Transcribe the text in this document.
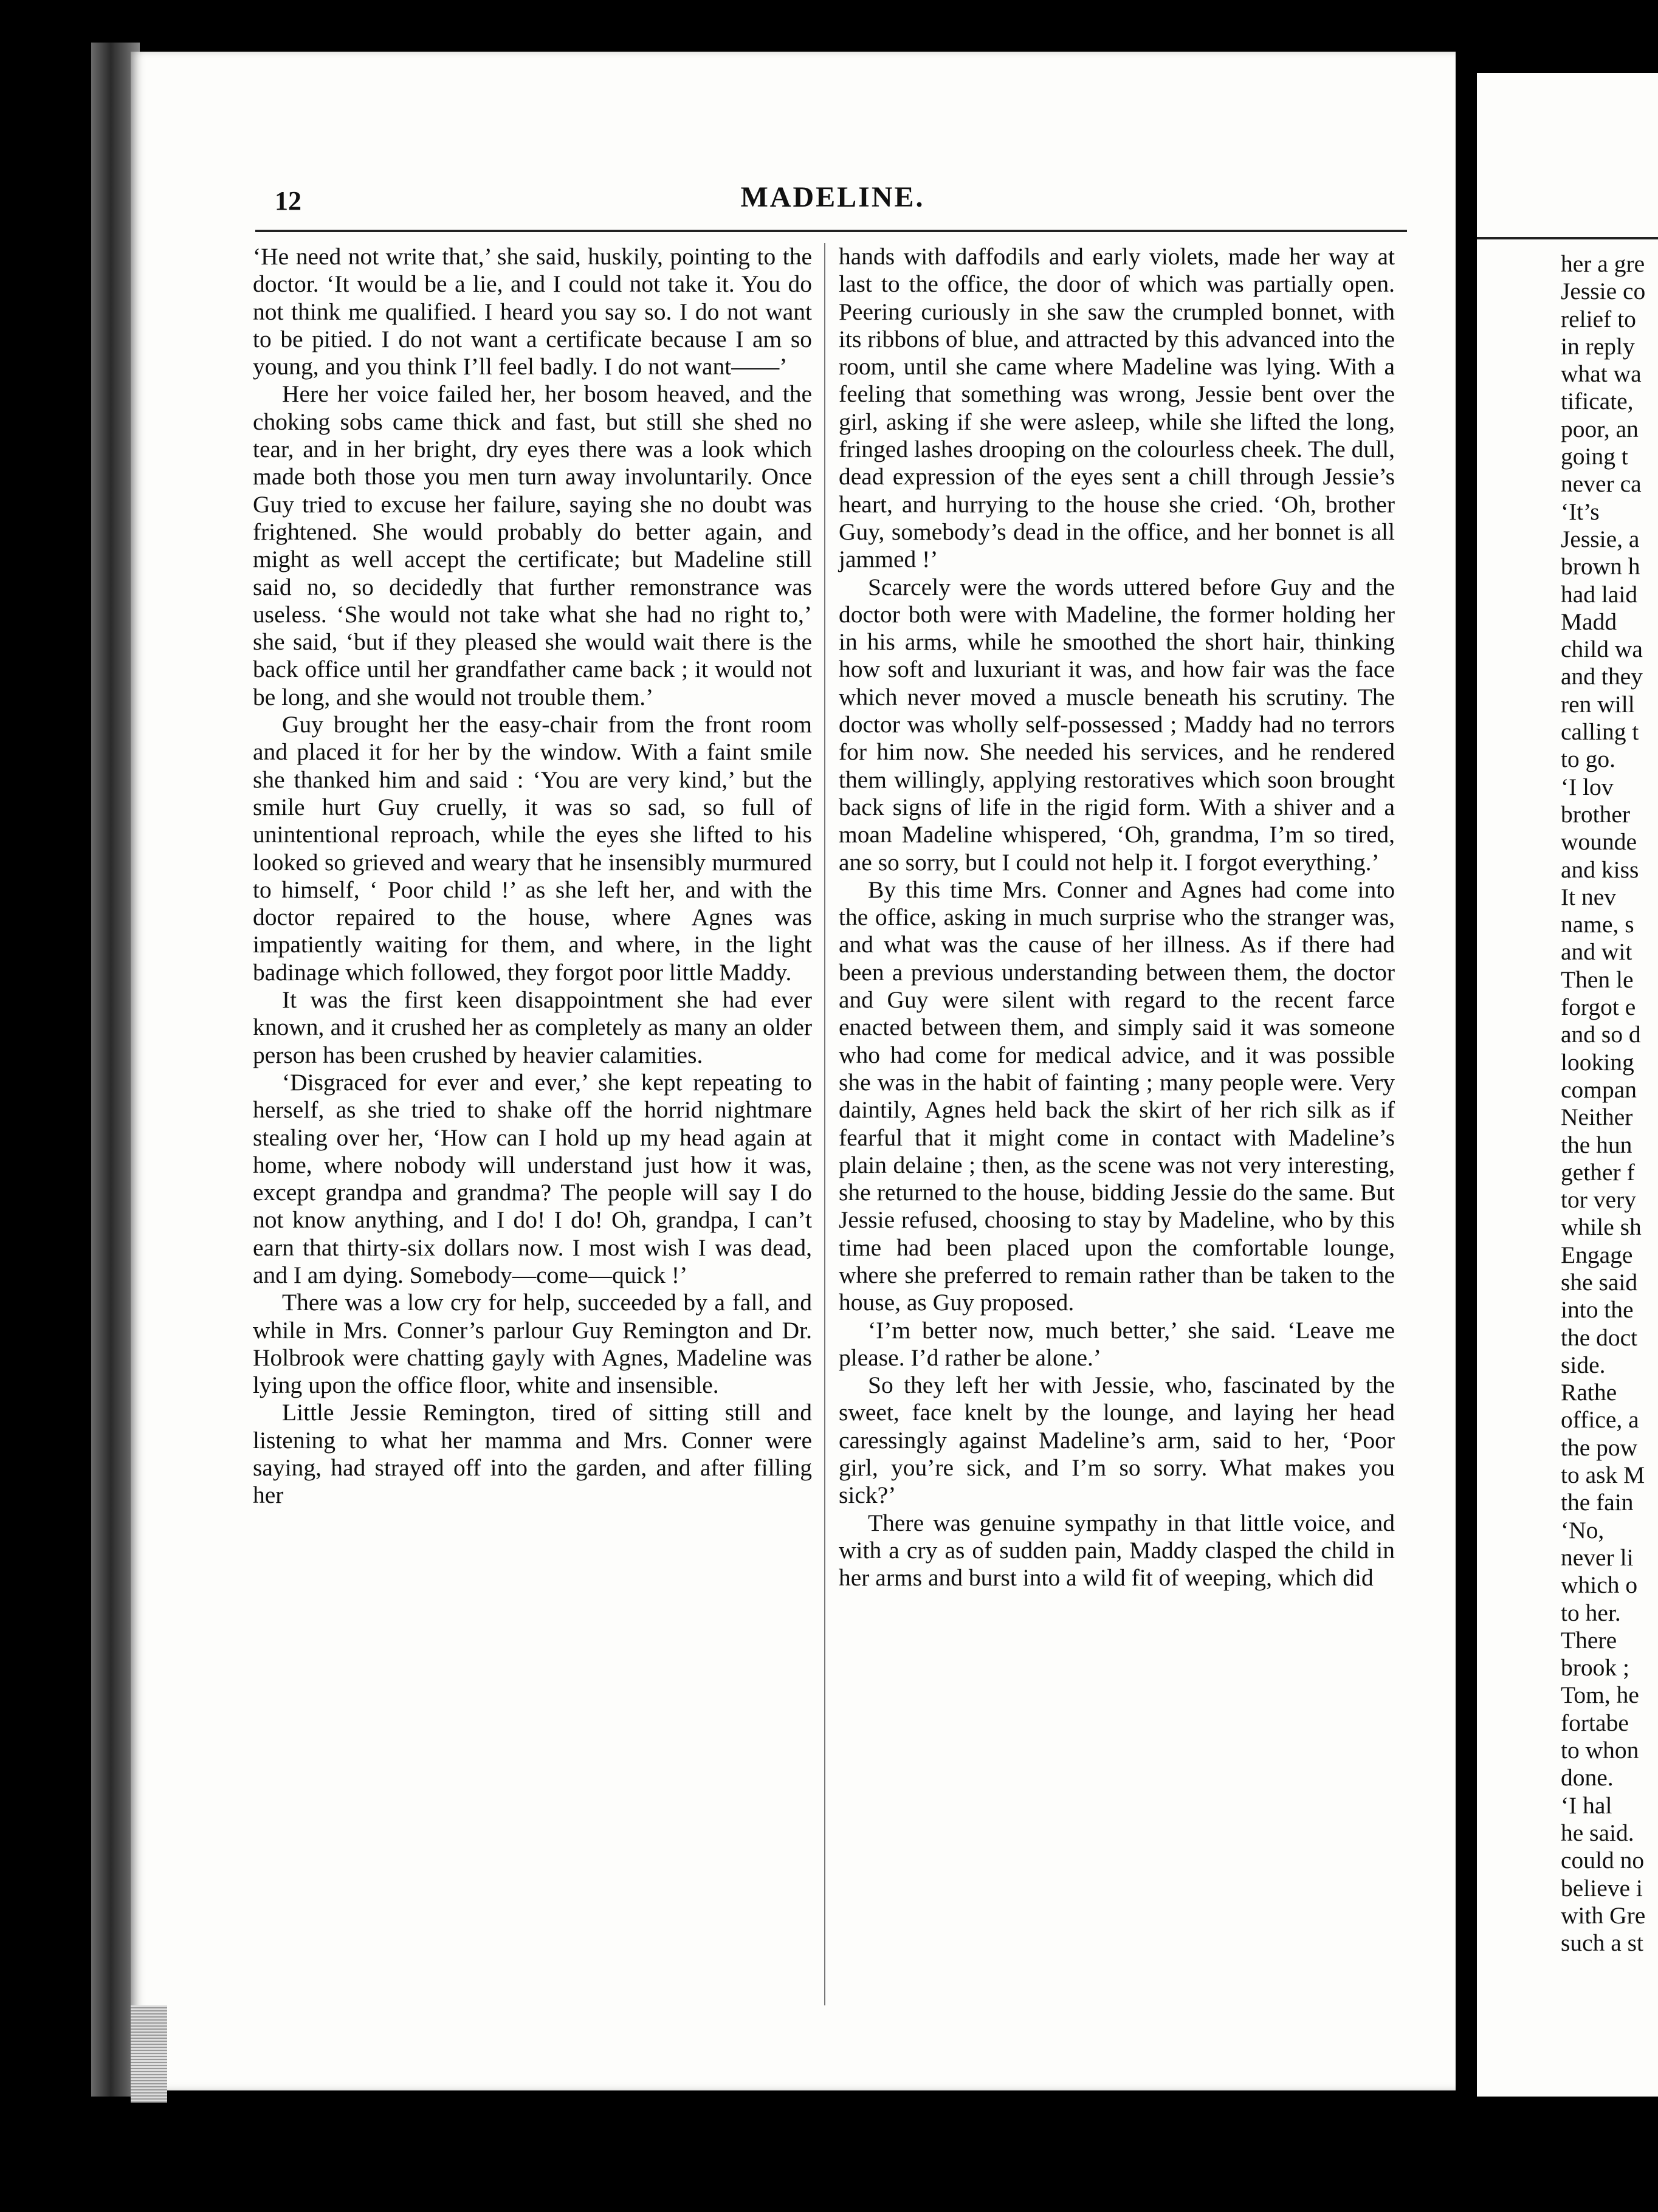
12	MADELINE.

‘He need not write that,’ she said, huskily, pointing to the doctor. ‘It would be a lie, and I could not take it. You do not think me qualified. I heard you say so. I do not want to be pitied. I do not want a certificate because I am so young, and you think I’ll feel badly. I do not want——’

Here her voice failed her, her bosom heaved, and the choking sobs came thick and fast, but still she shed no tear, and in her bright, dry eyes there was a look which made both those you men turn away involuntarily. Once Guy tried to excuse her failure, saying she no doubt was frightened. She would probably do better again, and might as well accept the certificate; but Madeline still said no, so decidedly that further remonstrance was useless. ‘She would not take what she had no right to,’ she said, ‘but if they pleased she would wait there is the back office until her grandfather came back ; it would not be long, and she would not trouble them.’

Guy brought her the easy-chair from the front room and placed it for her by the window. With a faint smile she thanked him and said : ‘You are very kind,’ but the smile hurt Guy cruelly, it was so sad, so full of unintentional reproach, while the eyes she lifted to his looked so grieved and weary that he insensibly murmured to himself, ‘ Poor child !’ as she left her, and with the doctor repaired to the house, where Agnes was impatiently waiting for them, and where, in the light badinage which followed, they forgot poor little Maddy.

It was the first keen disappointment she had ever known, and it crushed her as completely as many an older person has been crushed by heavier calamities.

‘Disgraced for ever and ever,’ she kept repeating to herself, as she tried to shake off the horrid nightmare stealing over her, ‘How can I hold up my head again at home, where nobody will understand just how it was, except grandpa and grandma? The people will say I do not know anything, and I do! I do! Oh, grandpa, I can’t earn that thirty-six dollars now. I most wish I was dead, and I am dying. Somebody—come—quick !’

There was a low cry for help, succeeded by a fall, and while in Mrs. Conner’s parlour Guy Remington and Dr. Holbrook were chatting gayly with Agnes, Madeline was lying upon the office floor, white and insensible.

Little Jessie Remington, tired of sitting still and listening to what her mamma and Mrs. Conner were saying, had strayed off into the garden, and after filling her

hands with daffodils and early violets, made her way at last to the office, the door of which was partially open. Peering curiously in she saw the crumpled bonnet, with its ribbons of blue, and attracted by this advanced into the room, until she came where Madeline was lying. With a feeling that something was wrong, Jessie bent over the girl, asking if she were asleep, while she lifted the long, fringed lashes drooping on the colourless cheek. The dull, dead expression of the eyes sent a chill through Jessie’s heart, and hurrying to the house she cried. ‘Oh, brother Guy, somebody’s dead in the office, and her bonnet is all jammed !’

Scarcely were the words uttered before Guy and the doctor both were with Madeline, the former holding her in his arms, while he smoothed the short hair, thinking how soft and luxuriant it was, and how fair was the face which never moved a muscle beneath his scrutiny. The doctor was wholly self-possessed ; Maddy had no terrors for him now. She needed his services, and he rendered them willingly, applying restoratives which soon brought back signs of life in the rigid form. With a shiver and a moan Madeline whispered, ‘Oh, grandma, I’m so tired, ane so sorry, but I could not help it. I forgot everything.’

By this time Mrs. Conner and Agnes had come into the office, asking in much surprise who the stranger was, and what was the cause of her illness. As if there had been a previous understanding between them, the doctor and Guy were silent with regard to the recent farce enacted between them, and simply said it was someone who had come for medical advice, and it was possible she was in the habit of fainting ; many people were. Very daintily, Agnes held back the skirt of her rich silk as if fearful that it might come in contact with Madeline’s plain delaine ; then, as the scene was not very interesting, she returned to the house, bidding Jessie do the same. But Jessie refused, choosing to stay by Madeline, who by this time had been placed upon the comfortable lounge, where she preferred to remain rather than be taken to the house, as Guy proposed.

‘I’m better now, much better,’ she said. ‘Leave me please. I’d rather be alone.’

So they left her with Jessie, who, fascinated by the sweet, face knelt by the lounge, and laying her head caressingly against Madeline’s arm, said to her, ‘Poor girl, you’re sick, and I’m so sorry. What makes you sick?’

There was genuine sympathy in that little voice, and with a cry as of sudden pain, Maddy clasped the child in her arms and burst into a wild fit of weeping, which did

her a gre
Jessie co
relief to
in reply
what wa
tificate,
poor, an
going t
never ca
‘It’s
Jessie, a
brown h
had laid
Madd
child wa
and they
ren will
calling t
to go.
‘I lov
brother
wounde
and kiss
It nev
name, s
and wit
Then le
forgot e
and so d
looking
compan
Neither
the hun
gether f
tor very
while sh
Engage
she said
into the
the doct
side.
Rathe
office, a
the pow
to ask M
the fain
‘No,
never li
which o
to her.
There
brook ;
Tom, he
fortabe
to whon
done.
‘I hal
he said.
could no
believe i
with Gre
such a st
